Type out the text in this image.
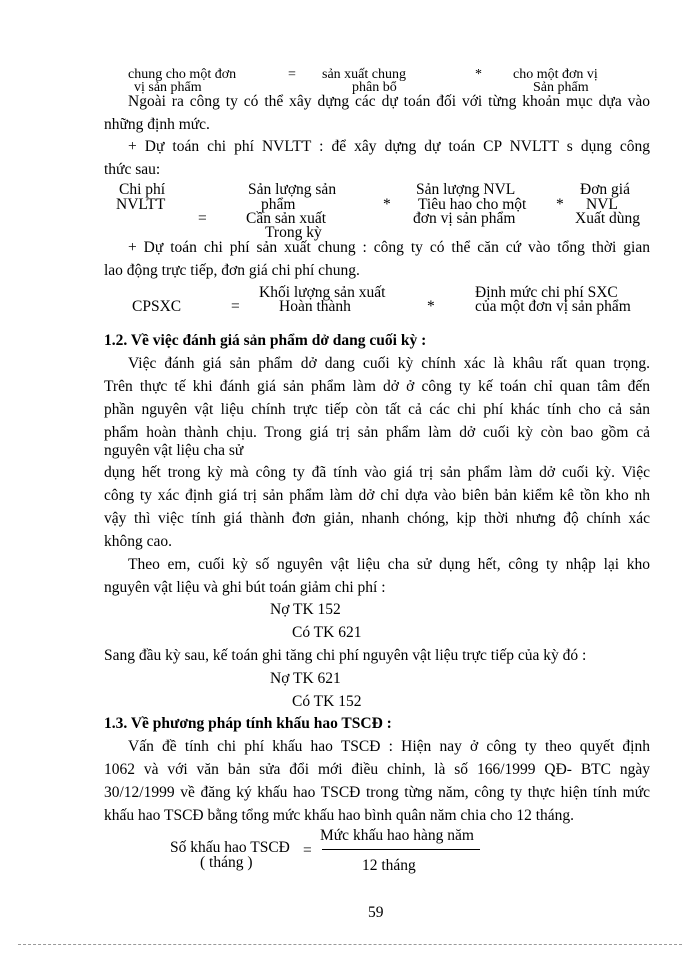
chung cho một đơn
vị sản phẩm
= sản xuất chung
phân bổ
* cho một đơn vị
Sản phẩm
Ngoài ra công ty có thể xây dựng các dự toán đối với từng khoản mục dựa vào
những định mức.
+ Dự toán chi phí NVLTT : để xây dựng dự toán CP NVLTT s dụng công
thức sau:
Chi phí
NVLTT
Sản lượng sản
phẩm
Cần sản xuất
Trong kỳ
=
*
Sản lượng NVL
Tiêu hao cho một
đơn vị sản phẩm
*
Đơn giá
NVL
Xuất dùng
+ Dự toán chi phí sản xuất chung : công ty có thể căn cứ vào tổng thời gian
lao động trực tiếp, đơn giá chi phí chung.
CPSXC	=
Khối lượng sản xuất
Hoàn thành	*
Định mức chi phí SXC
của một đơn vị sản phẩm
1.2. Về việc đánh giá sản phẩm dở dang cuối kỳ :
Việc đánh giá sản phẩm dở dang cuối kỳ chính xác là khâu rất quan trọng.
Trên thực tế khi đánh giá sản phẩm làm dở ở công ty kế toán chỉ quan tâm đến
phần nguyên vật liệu chính trực tiếp còn tất cả các chi phí khác tính cho cả sản
phẩm hoàn thành chịu. Trong giá trị sản phẩm làm dở cuối kỳ còn bao gồm cả
nguyên vật liệu cha sử
dụng hết trong kỳ mà công ty đã tính vào giá trị sản phẩm làm dở cuối kỳ. Việc
công ty xác định giá trị sản phẩm làm dở chỉ dựa vào biên bản kiểm kê tồn kho nh
vậy thì việc tính giá thành đơn giản, nhanh chóng, kịp thời nhưng độ chính xác
không cao.
Theo em, cuối kỳ số nguyên vật liệu cha sử dụng hết, công ty nhập lại kho
nguyên vật liệu và ghi bút toán giảm chi phí :
Nợ TK 152
Có TK 621
Sang đầu kỳ sau, kế toán ghi tăng chi phí nguyên vật liệu trực tiếp của kỳ đó :
Nợ TK 621
Có TK 152
1.3. Về phương pháp tính khấu hao TSCĐ :
Vấn đề tính chi phí khấu hao TSCĐ : Hiện nay ở công ty theo quyết định
1062 và với văn bản sửa đổi mới điều chỉnh, là số 166/1999 QĐ- BTC ngày
30/12/1999 về đăng ký khấu hao TSCĐ trong từng năm, công ty thực hiện tính mức
khấu hao TSCĐ bằng tổng mức khấu hao bình quân năm chia cho 12 tháng.
Số khấu hao TSCĐ
( tháng )
=
Mức khấu hao hàng năm
12 tháng
59
